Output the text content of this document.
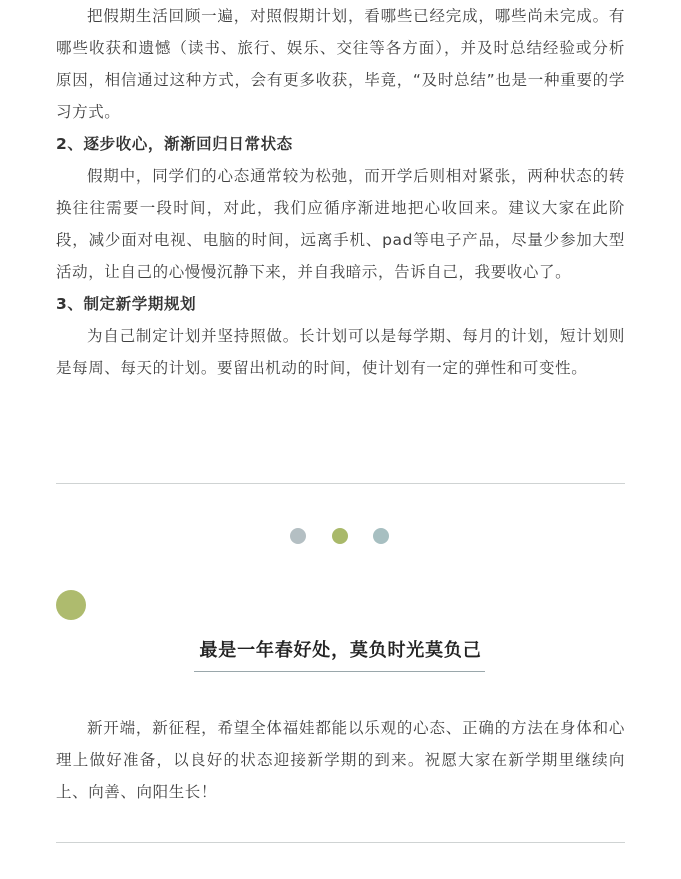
把假期生活回顾一遍，对照假期计划，看哪些已经完成，哪些尚未完成。有哪些收获和遗憾（读书、旅行、娱乐、交往等各方面），并及时总结经验或分析原因，相信通过这种方式，会有更多收获，毕竟，“及时总结”也是一种重要的学习方式。

2、逐步收心，渐渐回归日常状态

假期中，同学们的心态通常较为松弛，而开学后则相对紧张，两种状态的转换往往需要一段时间，对此，我们应循序渐进地把心收回来。建议大家在此阶段，减少面对电视、电脑的时间，远离手机、pad等电子产品，尽量少参加大型活动，让自己的心慢慢沉静下来，并自我暗示，告诉自己，我要收心了。

3、制定新学期规划

为自己制定计划并坚持照做。长计划可以是每学期、每月的计划，短计划则是每周、每天的计划。要留出机动的时间，使计划有一定的弹性和可变性。

最是一年春好处，莫负时光莫负己

新开端，新征程，希望全体福娃都能以乐观的心态、正确的方法在身体和心理上做好准备，以良好的状态迎接新学期的到来。祝愿大家在新学期里继续向上、向善、向阳生长！
